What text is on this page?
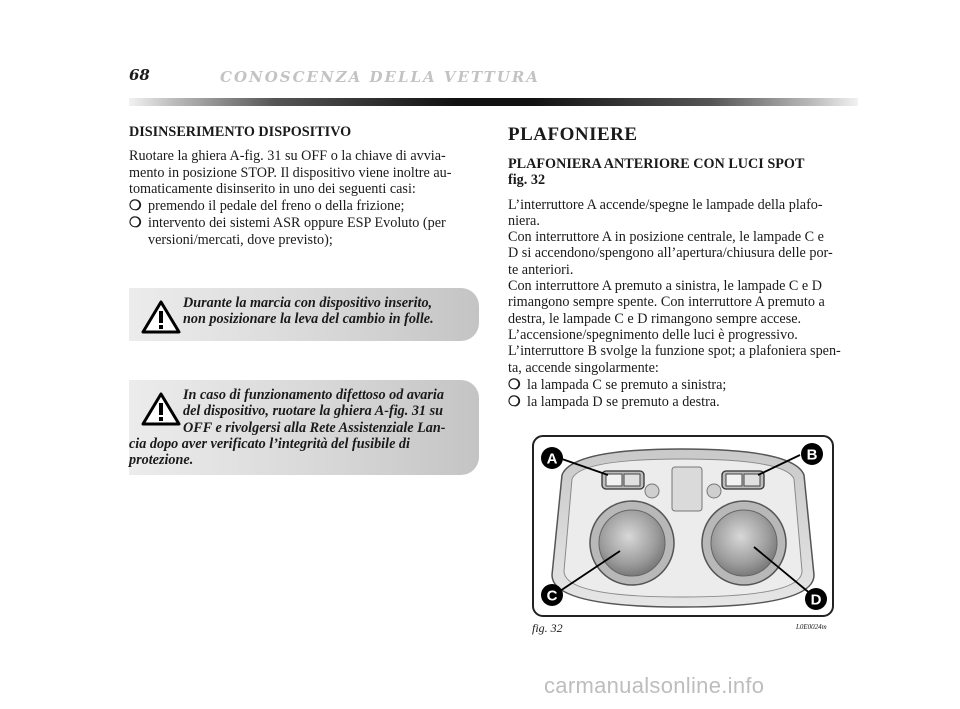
68	CONOSCENZA DELLA VETTURA

DISINSERIMENTO DISPOSITIVO

Ruotare la ghiera A-fig. 31 su OFF o la chiave di avvia-
mento in posizione STOP. Il dispositivo viene inoltre au-
tomaticamente disinserito in uno dei seguenti casi:

❍ premendo il pedale del freno o della frizione;
❍ intervento dei sistemi ASR oppure ESP Evoluto (per
versioni/mercati, dove previsto);
Durante la marcia con dispositivo inserito,
non posizionare la leva del cambio in folle.
In caso di funzionamento difettoso od avaria
del dispositivo, ruotare la ghiera A-fig. 31 su
OFF e rivolgersi alla Rete Assistenziale Lan-
cia dopo aver verificato l’integrità del fusibile di
protezione.

PLAFONIERE

PLAFONIERA ANTERIORE CON LUCI SPOT
fig. 32

L’interruttore A accende/spegne le lampade della plafo-
niera.
Con interruttore A in posizione centrale, le lampade C e
D si accendono/spengono all’apertura/chiusura delle por-
te anteriori.
Con interruttore A premuto a sinistra, le lampade C e D
rimangono sempre spente. Con interruttore A premuto a
destra, le lampade C e D rimangono sempre accese.
L’accensione/spegnimento delle luci è progressivo.
L’interruttore B svolge la funzione spot; a plafoniera spen-
ta, accende singolarmente:

❍ la lampada C se premuto a sinistra;
❍ la lampada D se premuto a destra.
A	B
C	D
fig. 32	L0E0024m
carmanualsonline.info
